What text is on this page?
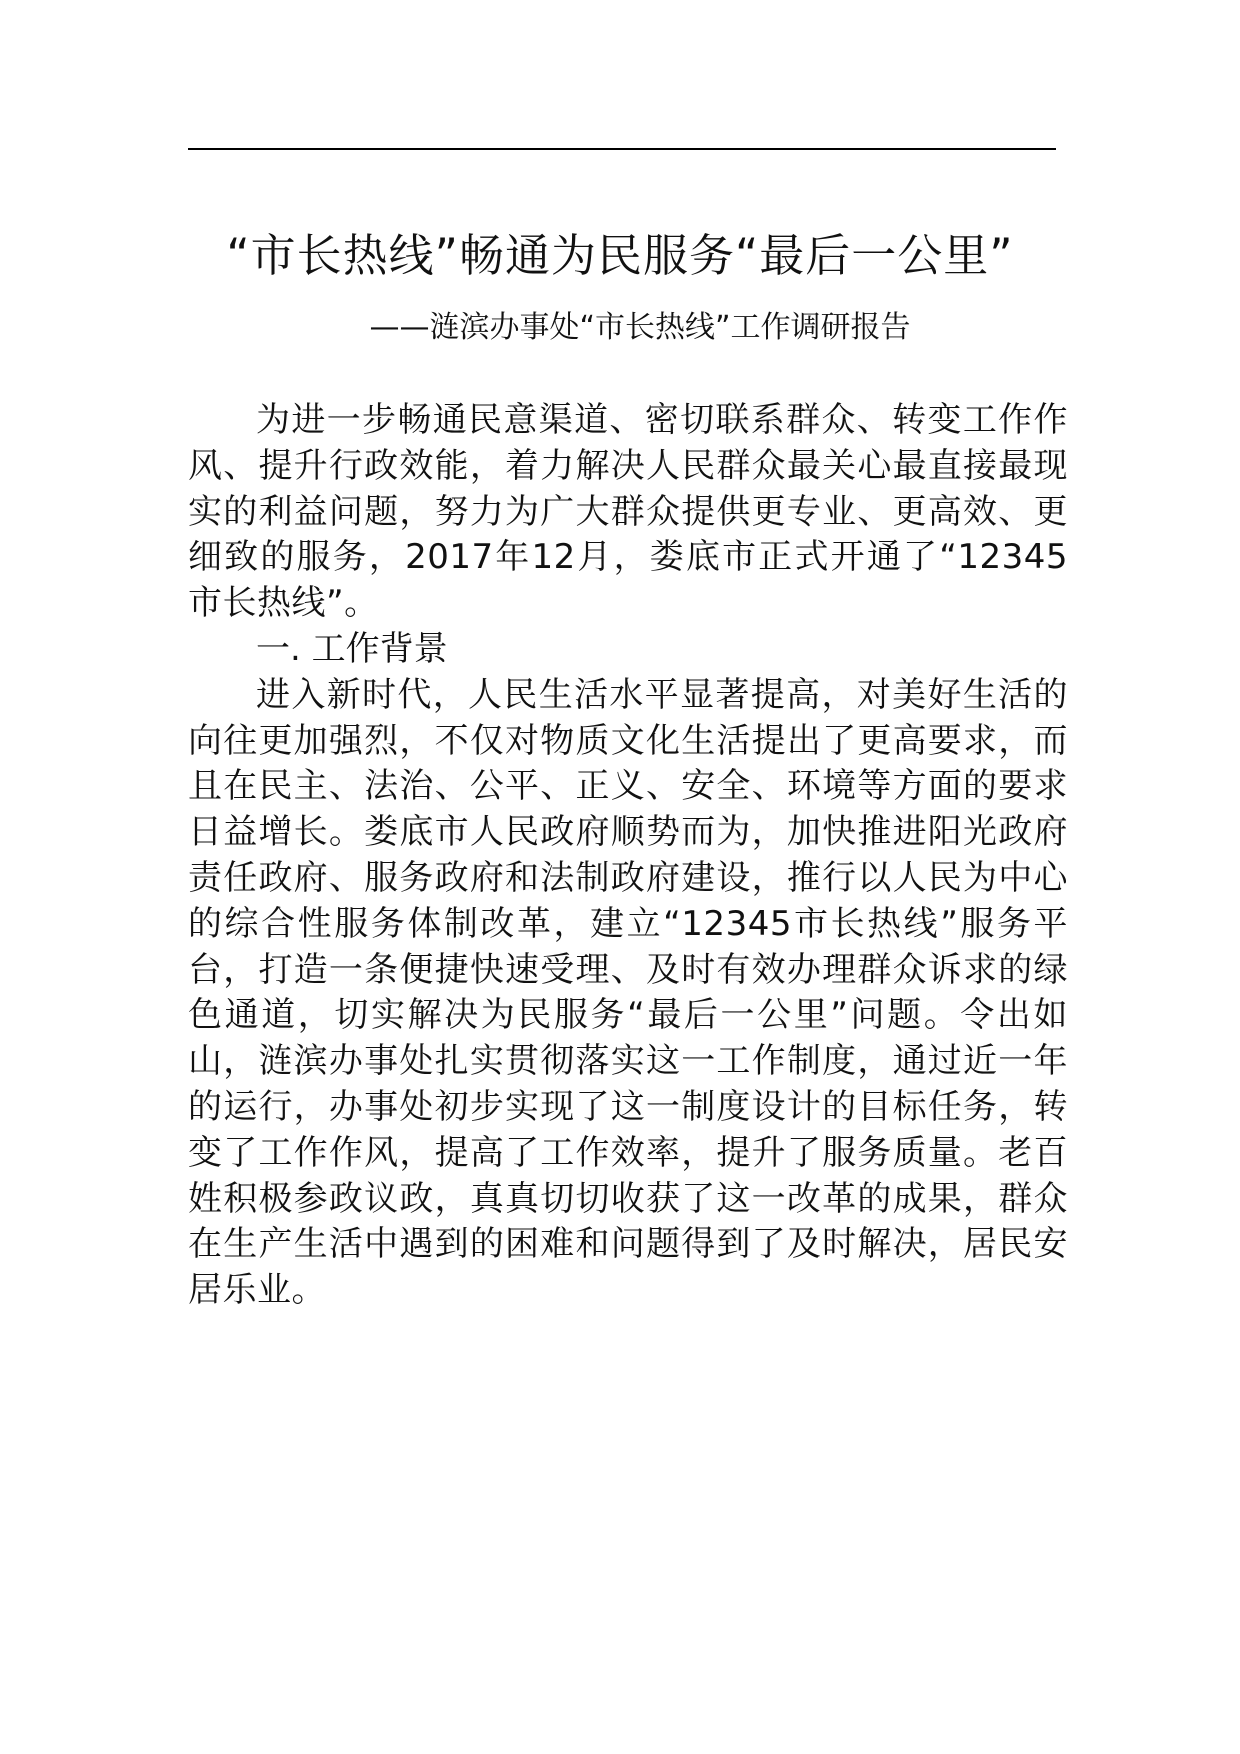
“市长热线”畅通为民服务“最后一公里”
——涟滨办事处“市长热线”工作调研报告

为进一步畅通民意渠道、密切联系群众、转变工作作风、提升行政效能，着力解决人民群众最关心最直接最现实的利益问题，努力为广大群众提供更专业、更高效、更细致的服务，2017年12月，娄底市正式开通了“12345市长热线”。

一. 工作背景

进入新时代，人民生活水平显著提高，对美好生活的向往更加强烈，不仅对物质文化生活提出了更高要求，而且在民主、法治、公平、正义、安全、环境等方面的要求日益增长。娄底市人民政府顺势而为，加快推进阳光政府责任政府、服务政府和法制政府建设，推行以人民为中心的综合性服务体制改革，建立“12345市长热线”服务平台，打造一条便捷快速受理、及时有效办理群众诉求的绿色通道，切实解决为民服务“最后一公里”问题。令出如山，涟滨办事处扎实贯彻落实这一工作制度，通过近一年的运行，办事处初步实现了这一制度设计的目标任务，转变了工作作风，提高了工作效率，提升了服务质量。老百姓积极参政议政，真真切切收获了这一改革的成果，群众在生产生活中遇到的困难和问题得到了及时解决，居民安居乐业。
